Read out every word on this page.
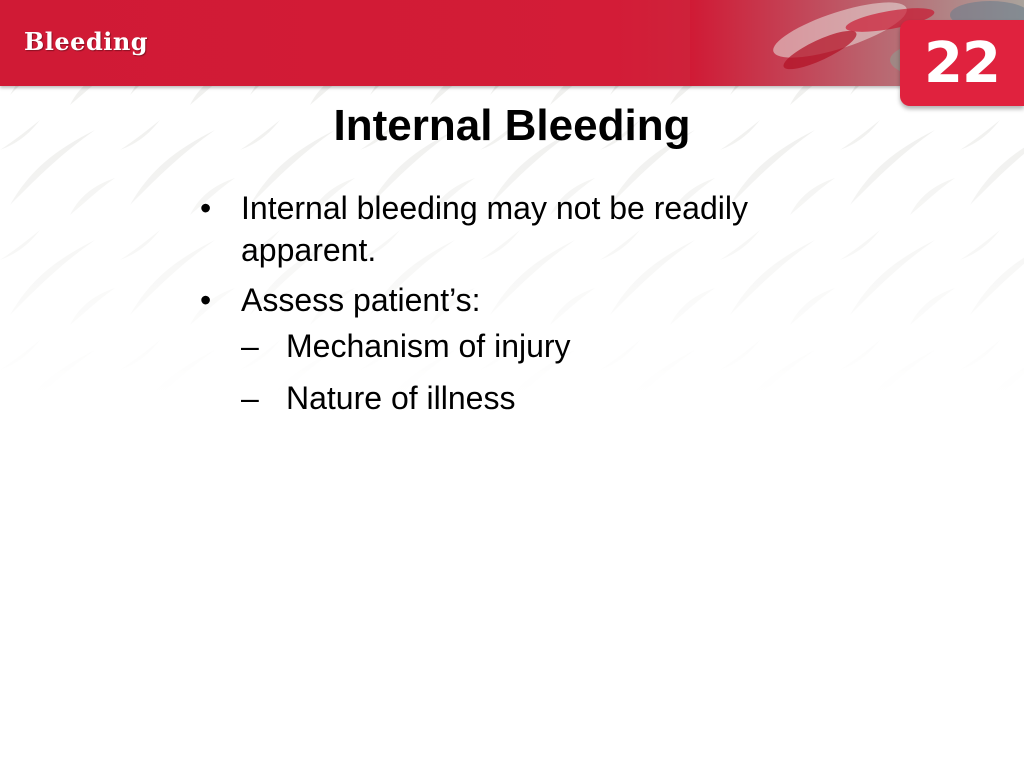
Bleeding	22
Internal Bleeding
• Internal bleeding may not be readily apparent.
• Assess patient’s:
– Mechanism of injury
– Nature of illness
